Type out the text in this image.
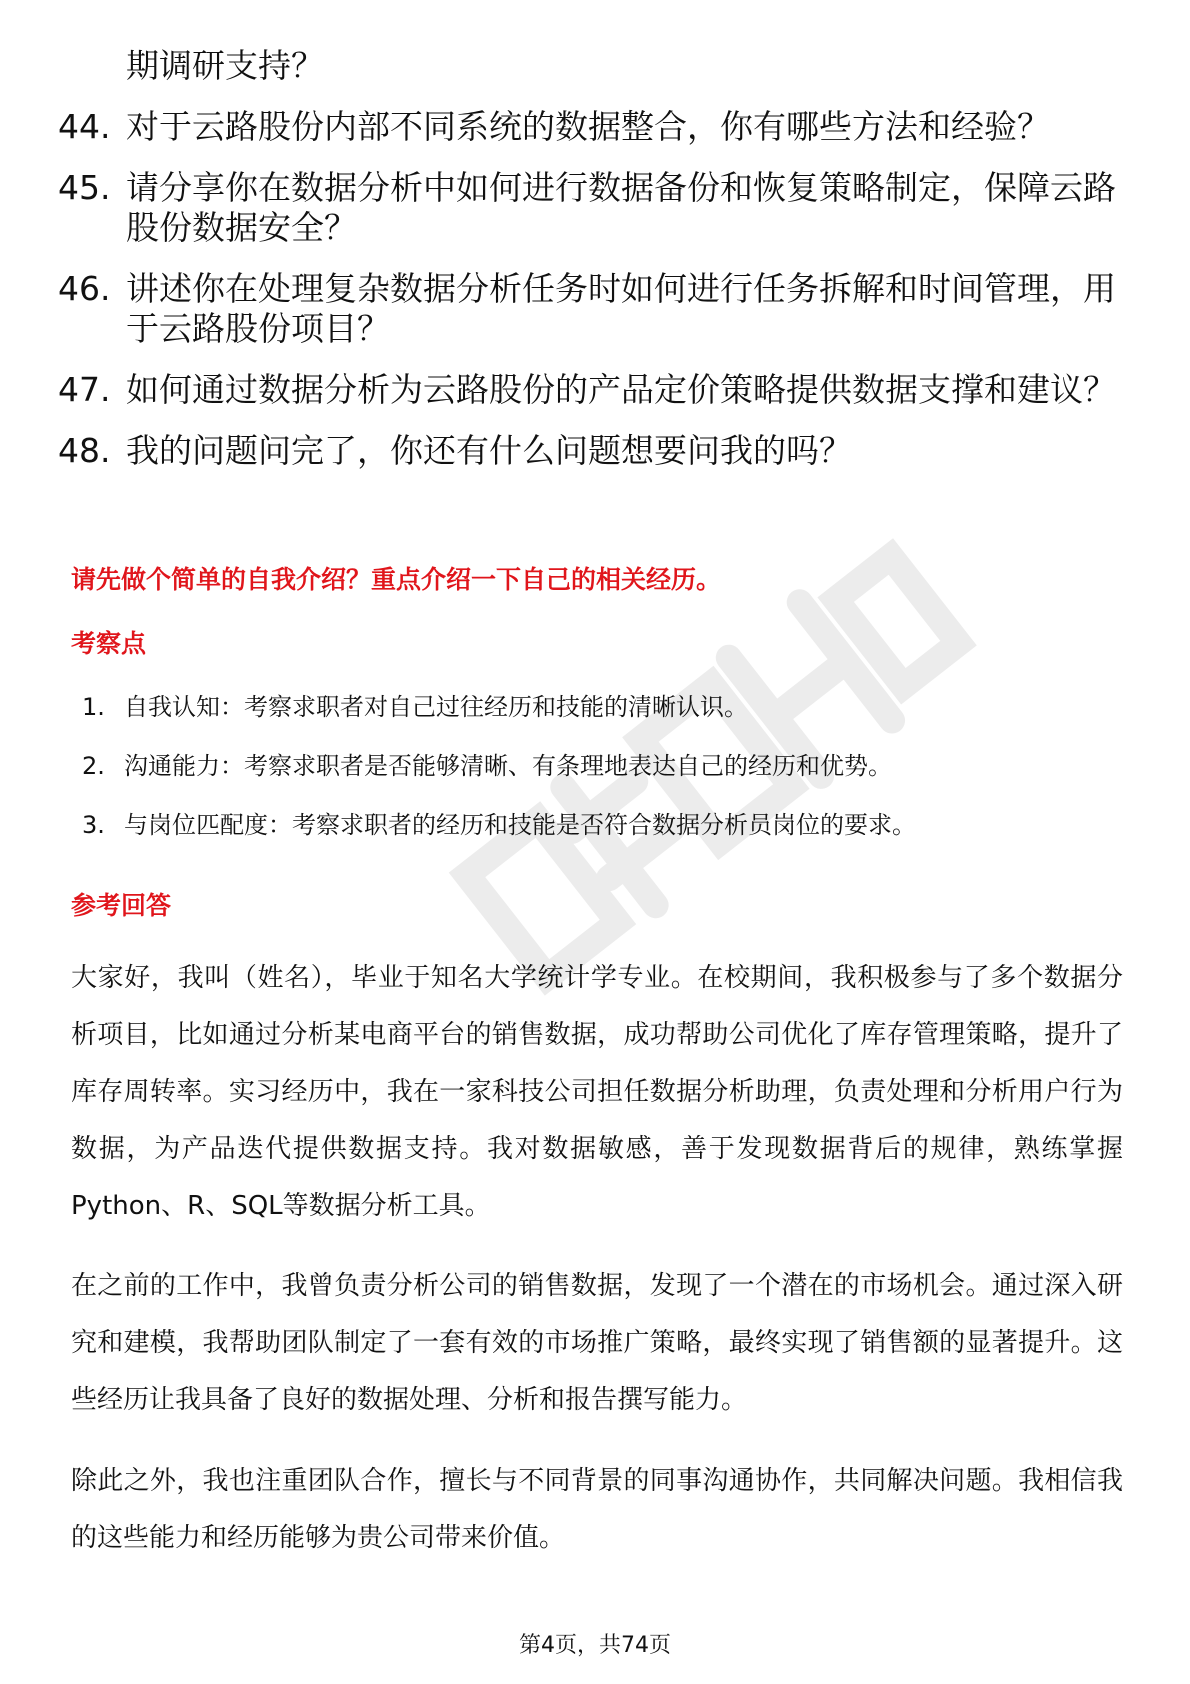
期调研支持？
44. 对于云路股份内部不同系统的数据整合，你有哪些方法和经验？
45. 请分享你在数据分析中如何进行数据备份和恢复策略制定，保障云路股份数据安全？
46. 讲述你在处理复杂数据分析任务时如何进行任务拆解和时间管理，用于云路股份项目？
47. 如何通过数据分析为云路股份的产品定价策略提供数据支撑和建议？
48. 我的问题问完了，你还有什么问题想要问我的吗？
请先做个简单的自我介绍？重点介绍一下自己的相关经历。
考察点
1. 自我认知：考察求职者对自己过往经历和技能的清晰认识。
2. 沟通能力：考察求职者是否能够清晰、有条理地表达自己的经历和优势。
3. 与岗位匹配度：考察求职者的经历和技能是否符合数据分析员岗位的要求。
参考回答

大家好，我叫（姓名），毕业于知名大学统计学专业。在校期间，我积极参与了多个数据分析项目，比如通过分析某电商平台的销售数据，成功帮助公司优化了库存管理策略，提升了库存周转率。实习经历中，我在一家科技公司担任数据分析助理，负责处理和分析用户行为数据，为产品迭代提供数据支持。我对数据敏感，善于发现数据背后的规律，熟练掌握Python、R、SQL等数据分析工具。

在之前的工作中，我曾负责分析公司的销售数据，发现了一个潜在的市场机会。通过深入研究和建模，我帮助团队制定了一套有效的市场推广策略，最终实现了销售额的显著提升。这些经历让我具备了良好的数据处理、分析和报告撰写能力。

除此之外，我也注重团队合作，擅长与不同背景的同事沟通协作，共同解决问题。我相信我的这些能力和经历能够为贵公司带来价值。

第4页，共74页
